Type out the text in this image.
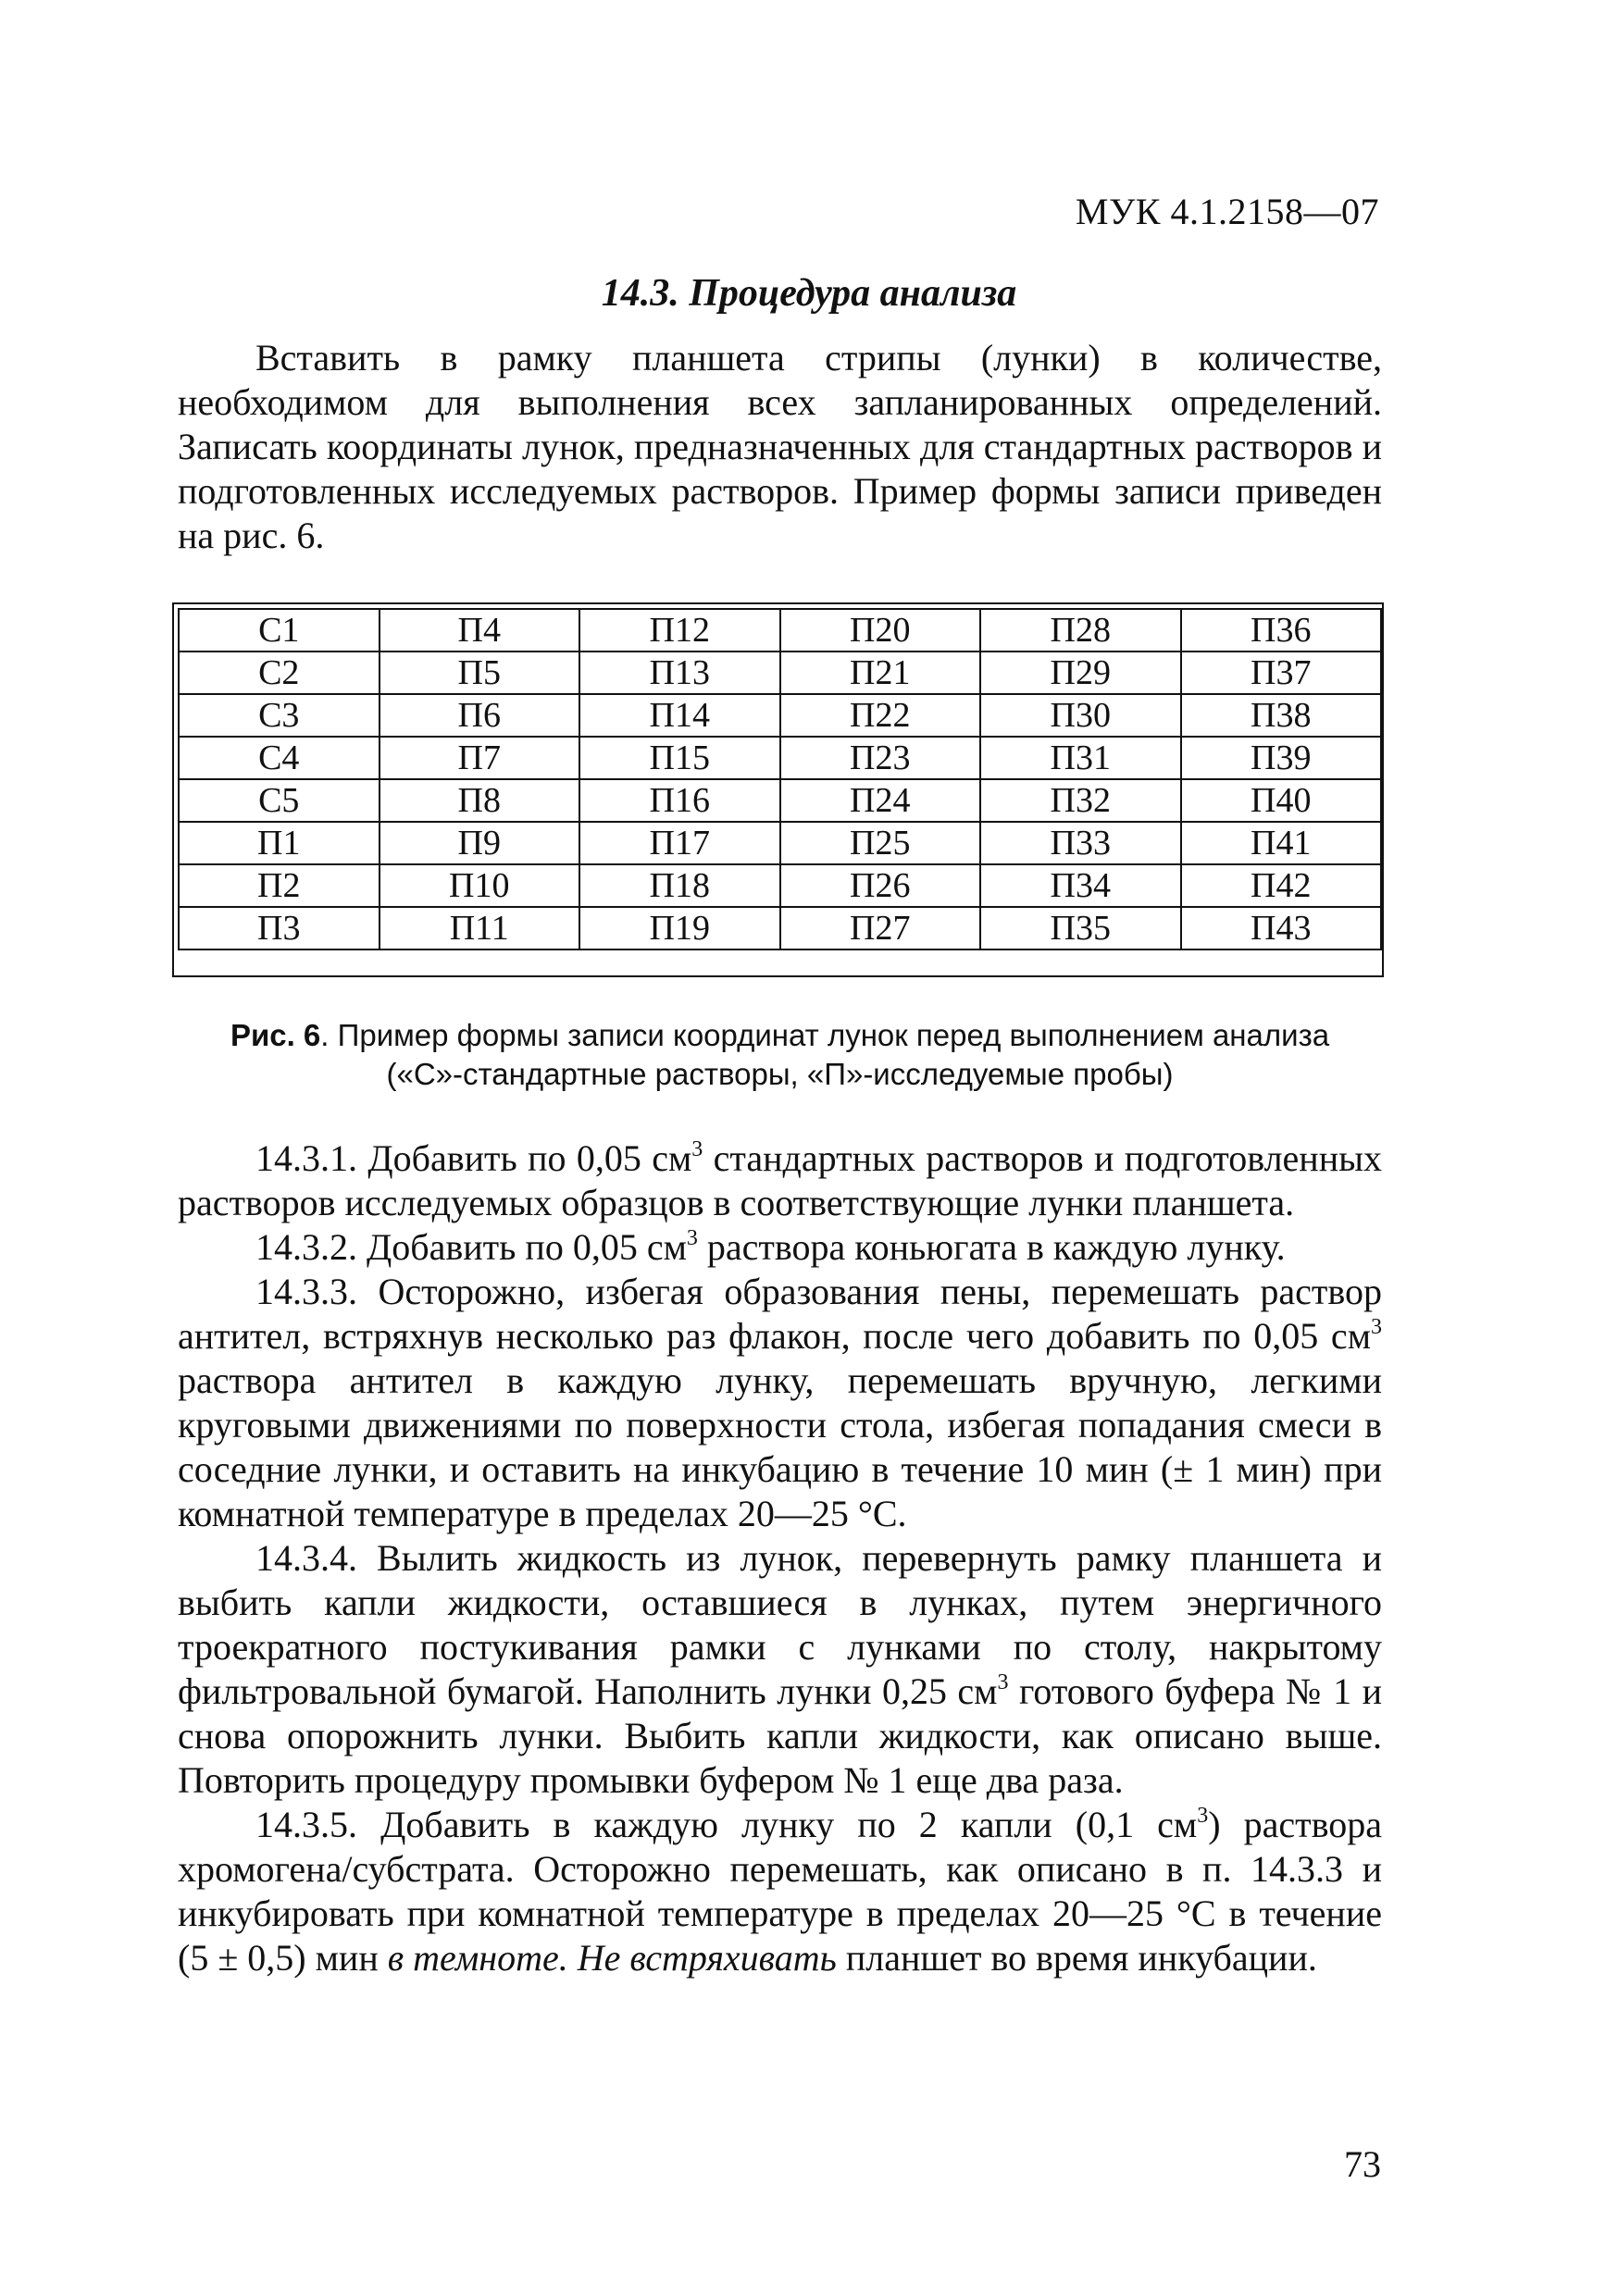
МУК 4.1.2158—07
14.3. Процедура анализа

Вставить в рамку планшета стрипы (лунки) в количестве, необходимом для выполнения всех запланированных определений. Записать координаты лунок, предназначенных для стандартных растворов и подготовленных исследуемых растворов. Пример формы записи приведен на рис. 6.

С1	П4	П12	П20	П28	П36
С2	П5	П13	П21	П29	П37
С3	П6	П14	П22	П30	П38
С4	П7	П15	П23	П31	П39
С5	П8	П16	П24	П32	П40
П1	П9	П17	П25	П33	П41
П2	П10	П18	П26	П34	П42
П3	П11	П19	П27	П35	П43
Рис. 6. Пример формы записи координат лунок перед выполнением анализа
(«С»-стандартные растворы, «П»-исследуемые пробы)

14.3.1. Добавить по 0,05 $см^3$ стандартных растворов и подготовленных растворов исследуемых образцов в соответствующие лунки планшета.

14.3.2. Добавить по 0,05 $см^3$ раствора коньюгата в каждую лунку.

14.3.3. Осторожно, избегая образования пены, перемешать раствор антител, встряхнув несколько раз флакон, после чего добавить по 0,05 $см^3$ раствора антител в каждую лунку, перемешать вручную, легкими круговыми движениями по поверхности стола, избегая попадания смеси в соседние лунки, и оставить на инкубацию в течение 10 мин (± 1 мин) при комнатной температуре в пределах 20—25 °С.

14.3.4. Вылить жидкость из лунок, перевернуть рамку планшета и выбить капли жидкости, оставшиеся в лунках, путем энергичного троекратного постукивания рамки с лунками по столу, накрытому фильтровальной бумагой. Наполнить лунки 0,25 $см^3$ готового буфера № 1 и снова опорожнить лунки. Выбить капли жидкости, как описано выше. Повторить процедуру промывки буфером № 1 еще два раза.

14.3.5. Добавить в каждую лунку по 2 капли (0,1 $см^3$) раствора хромогена/субстрата. Осторожно перемешать, как описано в п. 14.3.3 и инкубировать при комнатной температуре в пределах 20—25 °С в течение (5 ± 0,5) мин в темноте. Не встряхивать планшет во время инкубации.

73
